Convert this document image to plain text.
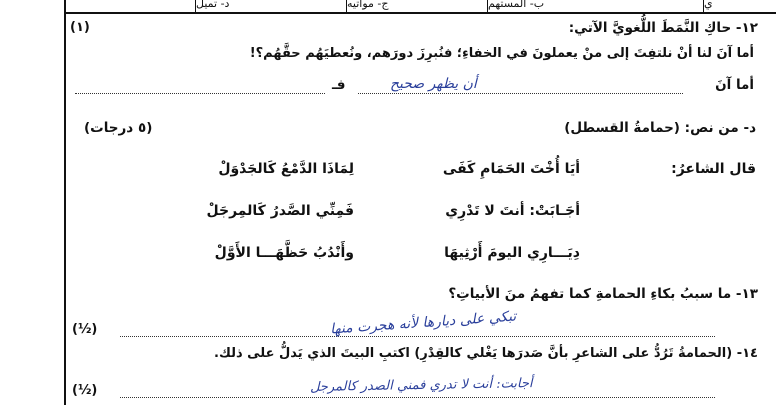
ي
ب- المستهم
ج- مواتيه
د- تميل
١٢- حاكِ النَّمَطَ اللُّغويَّ الآتي:
(١)
أما آنَ لنا أنْ نلتفِتَ إلى منْ يعملونَ في الخفاءِ؛ فنُبرِزَ دورَهم، ونُعطيَهُم حقَّهُم؟!
أما آنَ
فـ	أن يظهر صحيح
د- من نص: (حمامةُ القسطل)
(٥ درجات)
قال الشاعرُ:
أيَا أُخْتَ الحَمَامِ كَفَى
لِمَاذَا الدَّمْعُ كَالجَدْوَلْ
أجَـابَتْ: أنتَ لا تَدْرِي
فَمِنِّي الصَّدرُ كَالمِرجَلْ
دِيَـــارِي اليومَ أَرْثِيهَا
وأَنْدُبُ حَظَّهَـــا الأَوَّلْ
١٣- ما سببُ بكاءِ الحمامةِ كما تفهمُ منَ الأبياتِ؟
(½)	تبكي على ديارها لأنه هجرت منها
١٤- (الحمامةُ تَرُدُّ على الشاعرِ بأنَّ صَدرَها يَغْلي كالقِدْرِ) اكتبِ البيتَ الذي يَدلُّ على ذلك.
(½)	أجابت: أنت لا تدري فمني الصدر كالمرجل
